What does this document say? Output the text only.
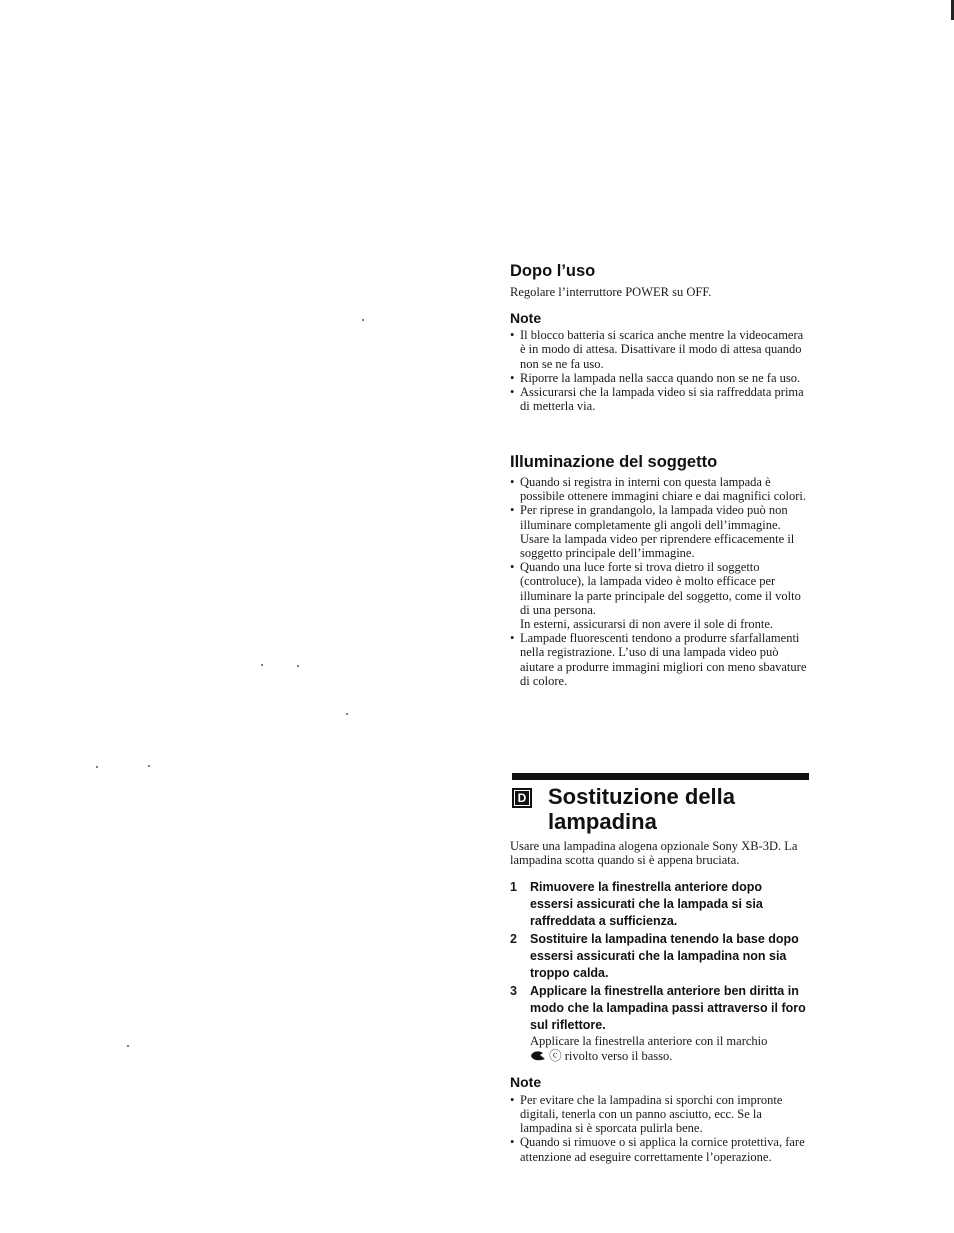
Dopo l’uso

Regolare l’interruttore POWER su OFF.

Note
• Il blocco batteria si scarica anche mentre la videocamera è in modo di attesa. Disattivare il modo di attesa quando non se ne fa uso.
• Riporre la lampada nella sacca quando non se ne fa uso.
• Assicurarsi che la lampada video si sia raffreddata prima di metterla via.
Illuminazione del soggetto
• Quando si registra in interni con questa lampada è possibile ottenere immagini chiare e dai magnifici colori.
• Per riprese in grandangolo, la lampada video può non illuminare completamente gli angoli dell’immagine. Usare la lampada video per riprendere efficacemente il soggetto principale dell’immagine.
• Quando una luce forte si trova dietro il soggetto (controluce), la lampada video è molto efficace per illuminare la parte principale del soggetto, come il volto di una persona.
In esterni, assicurarsi di non avere il sole di fronte.
• Lampade fluorescenti tendono a produrre sfarfallamenti nella registrazione. L’uso di una lampada video può aiutare a produrre immagini migliori con meno sbavature di colore.
D Sostituzione della
lampadina

Usare una lampadina alogena opzionale Sony XB-3D. La lampadina scotta quando si è appena bruciata.

1 Rimuovere la finestrella anteriore dopo essersi assicurati che la lampada si sia raffreddata a sufficienza.
2 Sostituire la lampadina tenendo la base dopo essersi assicurati che la lampadina non sia troppo calda.
3 Applicare la finestrella anteriore ben diritta in modo che la lampadina passi attraverso il foro sul riflettore.
Applicare la finestrella anteriore con il marchio
ⓒ rivolto verso il basso.
Note
• Per evitare che la lampadina si sporchi con impronte digitali, tenerla con un panno asciutto, ecc. Se la lampadina si è sporcata pulirla bene.
• Quando si rimuove o si applica la cornice protettiva, fare attenzione ad eseguire correttamente l’operazione.
